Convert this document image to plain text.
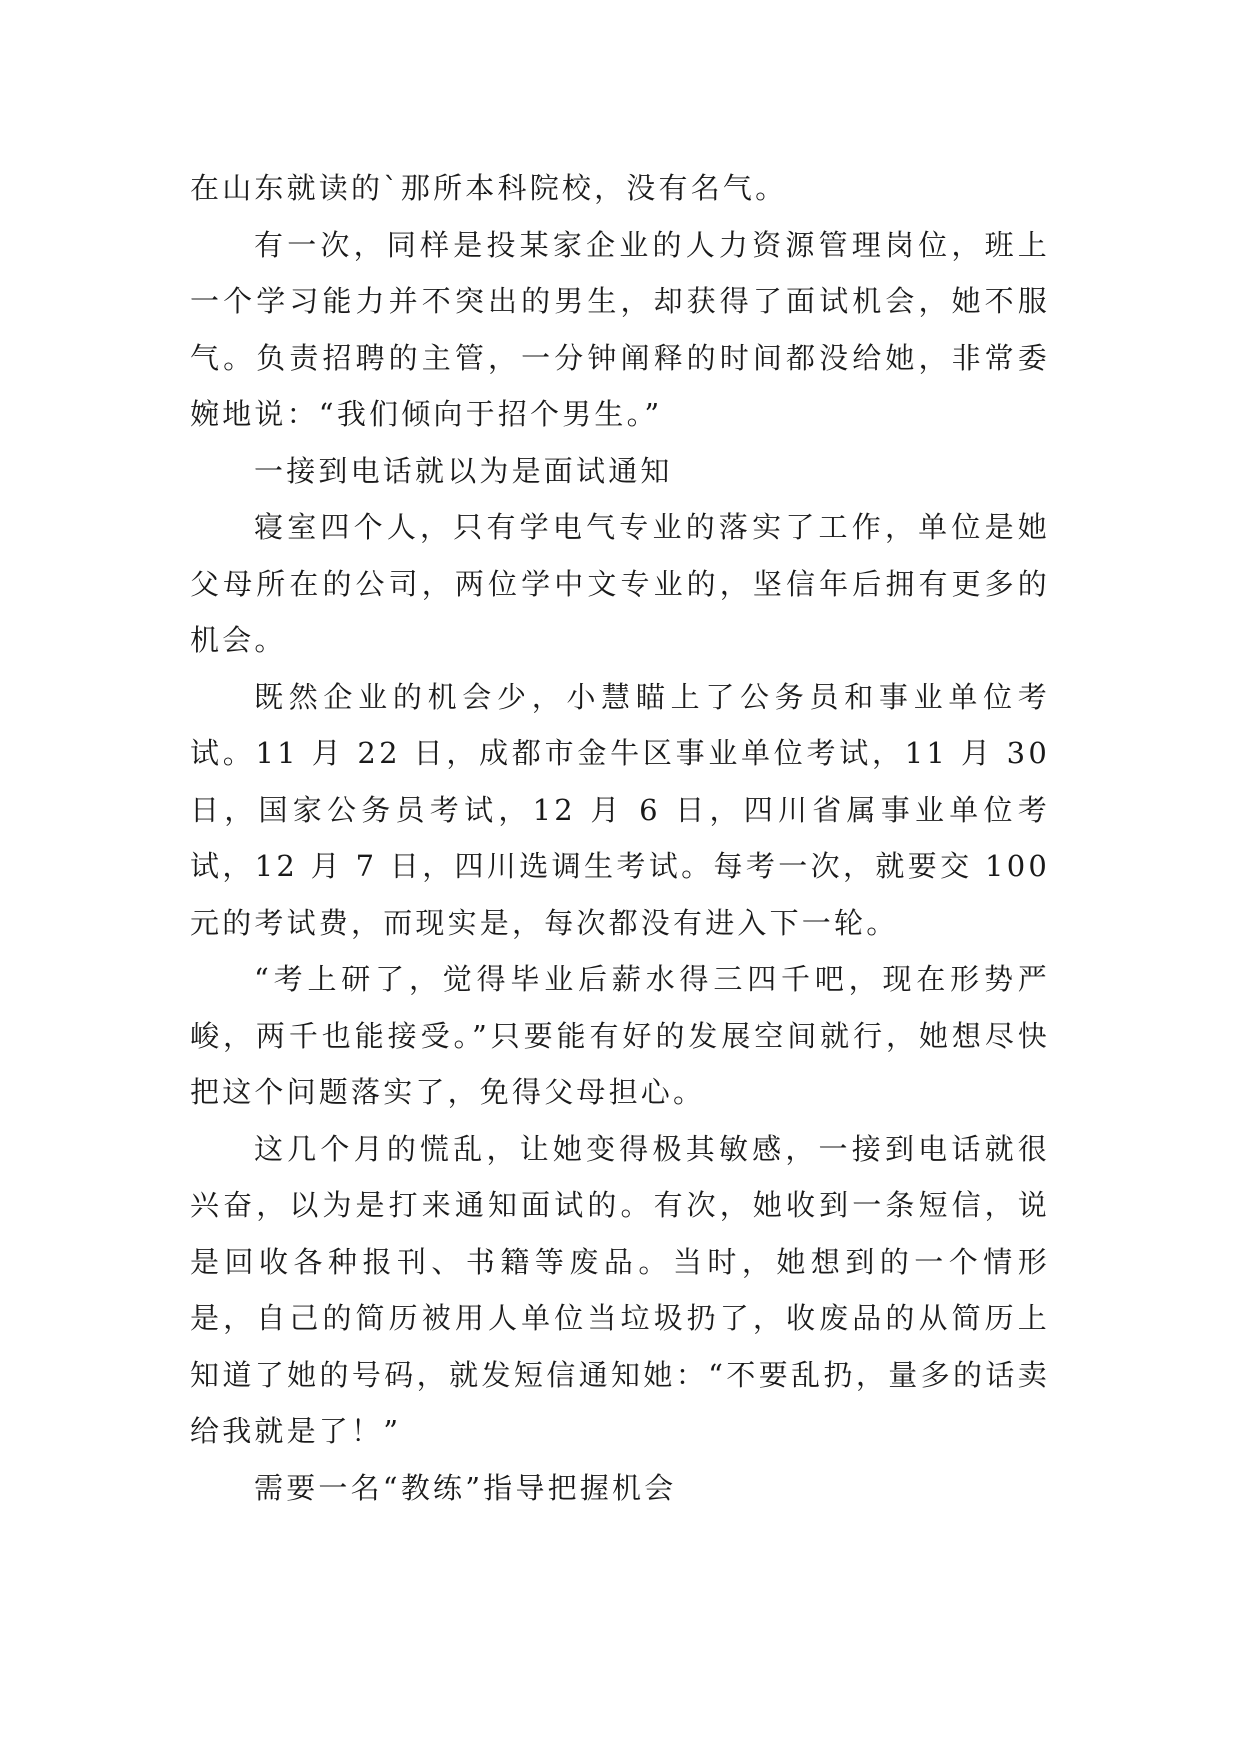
在山东就读的`那所本科院校，没有名气。

有一次，同样是投某家企业的人力资源管理岗位，班上一个学习能力并不突出的男生，却获得了面试机会，她不服气。负责招聘的主管，一分钟阐释的时间都没给她，非常委婉地说：“我们倾向于招个男生。”

一接到电话就以为是面试通知

寝室四个人，只有学电气专业的落实了工作，单位是她父母所在的公司，两位学中文专业的，坚信年后拥有更多的机会。

既然企业的机会少，小慧瞄上了公务员和事业单位考试。11 月 22 日，成都市金牛区事业单位考试，11 月 30 日，国家公务员考试，12 月 6 日，四川省属事业单位考试，12 月 7 日，四川选调生考试。每考一次，就要交 100 元的考试费，而现实是，每次都没有进入下一轮。

“考上研了，觉得毕业后薪水得三四千吧，现在形势严峻，两千也能接受。”只要能有好的发展空间就行，她想尽快把这个问题落实了，免得父母担心。

这几个月的慌乱，让她变得极其敏感，一接到电话就很兴奋，以为是打来通知面试的。有次，她收到一条短信，说是回收各种报刊、书籍等废品。当时，她想到的一个情形是，自己的简历被用人单位当垃圾扔了，收废品的从简历上知道了她的号码，就发短信通知她：“不要乱扔，量多的话卖给我就是了！”

需要一名“教练”指导把握机会
